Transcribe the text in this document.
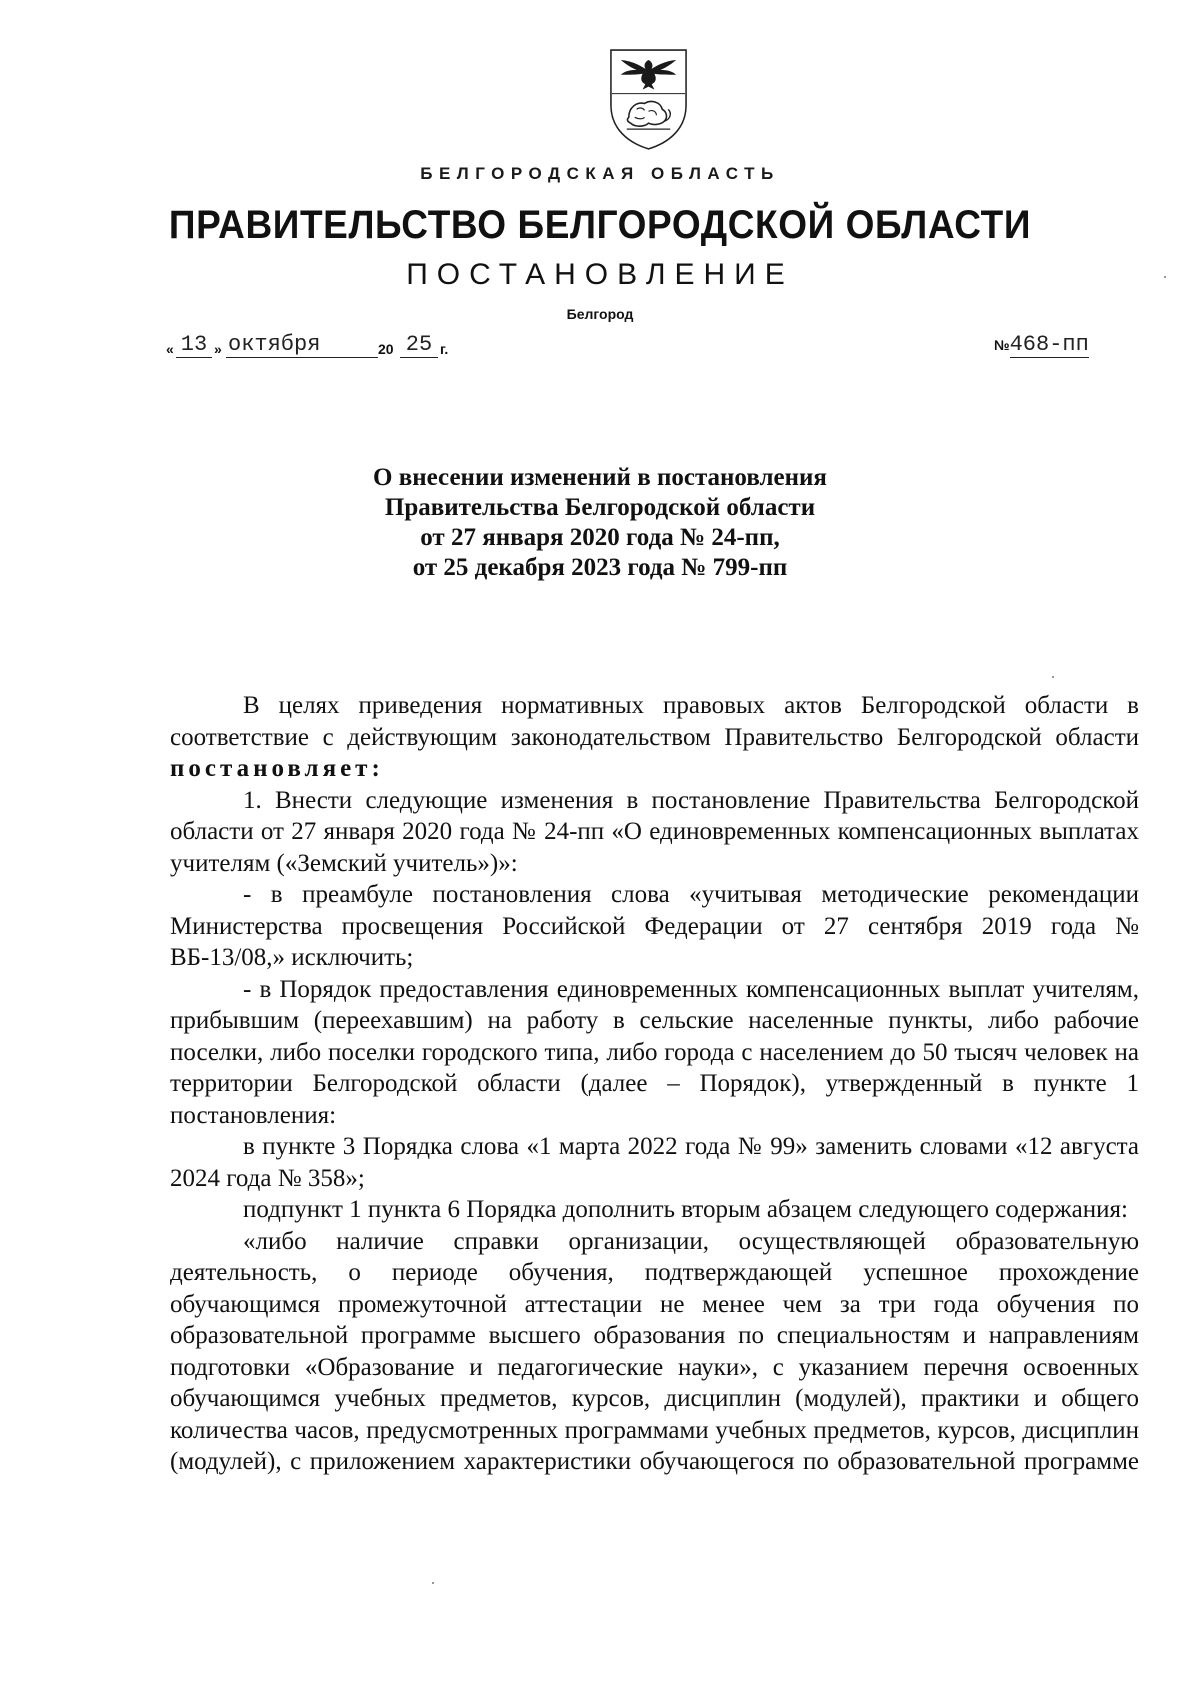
БЕЛГОРОДСКАЯ ОБЛАСТЬ
ПРАВИТЕЛЬСТВО БЕЛГОРОДСКОЙ ОБЛАСТИ
ПОСТАНОВЛЕНИЕ
Белгород
« 13 » октября	20 25 г.	№468-пп
О внесении изменений в постановления
Правительства Белгородской области
от 27 января 2020 года № 24-пп,
от 25 декабря 2023 года № 799-пп

В целях приведения нормативных правовых актов Белгородской области в соответствие с действующим законодательством Правительство Белгородской области постановляет:

1. Внести следующие изменения в постановление Правительства Белгородской области от 27 января 2020 года № 24-пп «О единовременных компенсационных выплатах учителям («Земский учитель»)»:

- в преамбуле постановления слова «учитывая методические рекомендации Министерства просвещения Российской Федерации от 27 сентября 2019 года № ВБ-13/08,» исключить;

- в Порядок предоставления единовременных компенсационных выплат учителям, прибывшим (переехавшим) на работу в сельские населенные пункты, либо рабочие поселки, либо поселки городского типа, либо города с населением до 50 тысяч человек на территории Белгородской области (далее – Порядок), утвержденный в пункте 1 постановления:

в пункте 3 Порядка слова «1 марта 2022 года № 99» заменить словами «12 августа 2024 года № 358»;

подпункт 1 пункта 6 Порядка дополнить вторым абзацем следующего содержания:

«либо наличие справки организации, осуществляющей образовательную деятельность, о периоде обучения, подтверждающей успешное прохождение обучающимся промежуточной аттестации не менее чем за три года обучения по образовательной программе высшего образования по специальностям и направлениям подготовки «Образование и педагогические науки», с указанием перечня освоенных обучающимся учебных предметов, курсов, дисциплин (модулей), практики и общего количества часов, предусмотренных программами учебных предметов, курсов, дисциплин (модулей), с приложением характеристики обучающегося по образовательной программе
